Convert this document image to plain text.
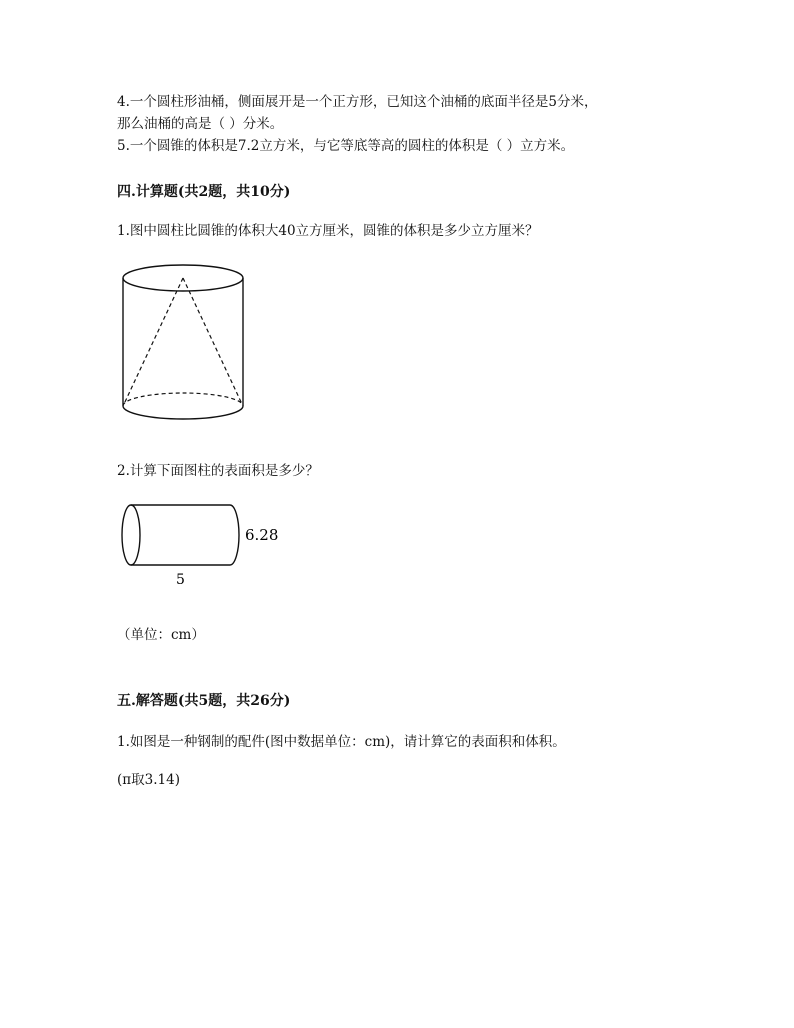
4.一个圆柱形油桶，侧面展开是一个正方形，已知这个油桶的底面半径是5分米，
那么油桶的高是（ ）分米。
5.一个圆锥的体积是7.2立方米，与它等底等高的圆柱的体积是（ ）立方米。
四.计算题(共2题，共10分)
1.图中圆柱比圆锥的体积大40立方厘米，圆锥的体积是多少立方厘米？
2.计算下面图柱的表面积是多少？
6.28
5
（单位：cm）
五.解答题(共5题，共26分)
1.如图是一种钢制的配件(图中数据单位：cm)，请计算它的表面积和体积。
(π取3.14)
